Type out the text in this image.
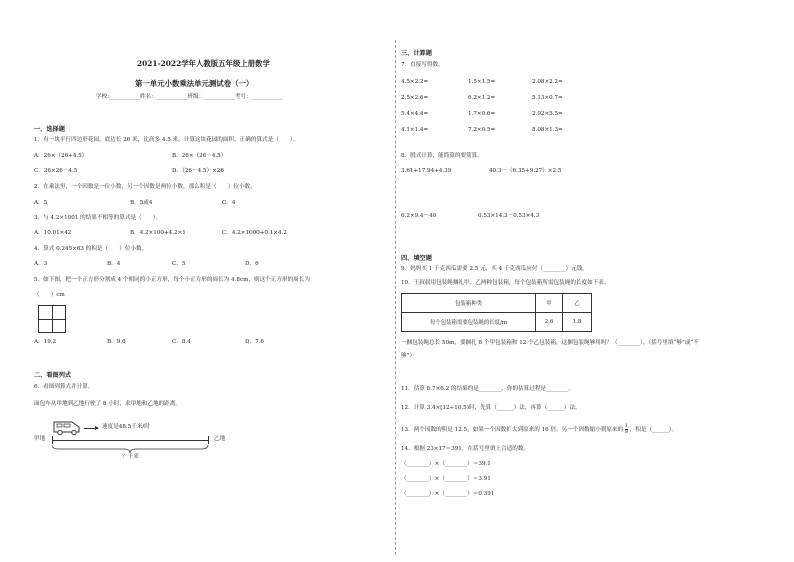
2021-2022学年人教版五年级上册数学
第一单元小数乘法单元测试卷（一）
学校:___________姓名：___________班级：___________考号：___________
一、选择题
1．有一块平行四边形花园，底边长 26 米，比高多 4.5 米，计算这块花园的面积，正确的算式是（　　）。
A．26×（26+4.5）	B．26×（26－4.5）
C．26×26－4.5	D．（26－4.5）×26
2．在乘法里，一个因数是一位小数，另一个因数是两位小数，那么积是（　　）位小数。
A．5	B．5或4	C．4
3．与 4.2×1001 的结果不相等的算式是（　　）。
A．10.01×42	B．4.2×100+4.2×1	C．4.2×1000+0.1×4.2
4．算式 0.245×63 的积是（　　）位小数。
A．3	B．4	C．5	D．6
5．如下图，把一个正方形分割成 4 个相同的小正方形，每个小正方形的周长为 4.8cm，则这个正方形的周长为
（　　）cm
A．19.2	B．9.6	C．8.4	D．7.6
二、看图列式
6．看图列算式并计算。
面包车从甲地到乙地行驶了 8 小时，求甲地和乙地的距离。
速度是48.5千米/时
甲地	乙地
？千米
三、计算题
7．直接写得数。
4.5×2.2=	1.5×1.5=	2.08×2.2=
2.5×2.6=	6.2×1.2=	5.13×0.7=
5.4×4.4=	1.7×0.6=	2.02×5.5=
4.1×1.4=	7.2×0.5=	8.08×1.3=
8．脱式计算，能简算的要简算。
3.61+17.94+4.39	40.3－（6.35+9.27）×2.5
6.2×9.4－40	0.53×14.3－0.53×4.3
四、填空题
9．妈妈买 1 千克西瓜需要 2.5 元，买 4 千克西瓜应付（________）元钱。
10．王叔叔用包装绳捆扎甲、乙两种包装箱，每个包装箱所需包装绳的长度如下表。
包装箱种类	甲	乙
每个包装箱需要包装绳的长度/m	2.6	1.8
一捆包装绳总长 50m，要捆扎 8 个甲包装箱和 12 个乙包装箱，这捆包装绳够用吗？（________）。（括号里填“够”或“不
够”）
11．估算 8.7×6.2 的结果约是________，你的估算过程是________。
12．计算 3.4×[12÷10.5)时，先算（______）法，再算（______）法。
13．两个因数的积是 12.5，如果一个因数扩大到原来的 16 倍，另一个因数缩小到原来的 $\frac{1}{8}$ ，积是（______）。
14．根据 23×17＝391，在括号里填上合适的数。
（________）×（________）＝39.1
（________）×（________）＝3.91
（________）×（________）＝0.391
